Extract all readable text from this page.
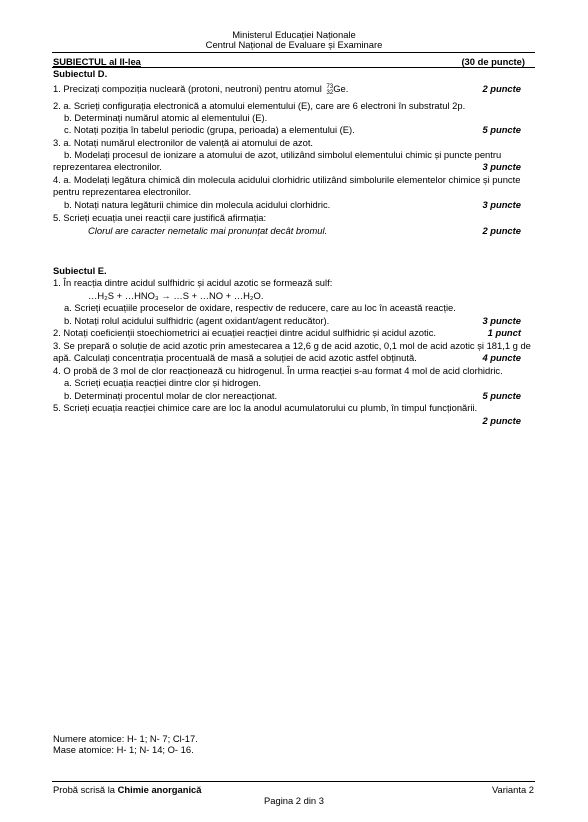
Ministerul Educației Naționale
Centrul Național de Evaluare și Examinare
SUBIECTUL al II-lea	(30 de puncte)
Subiectul D.
1. Precizați compoziția nucleară (protoni, neutroni) pentru atomul 73
32 Ge.	2 puncte
2. a. Scrieți configurația electronică a atomului elementului (E), care are 6 electroni în substratul 2p.
b. Determinați numărul atomic al elementului (E).
c. Notați poziția în tabelul periodic (grupa, perioada) a elementului (E).	5 puncte
3. a. Notați numărul electronilor de valență ai atomului de azot.
b. Modelați procesul de ionizare a atomului de azot, utilizând simbolul elementului chimic și puncte pentru
reprezentarea electronilor.	3 puncte
4. a. Modelați legătura chimică din molecula acidului clorhidric utilizând simbolurile elementelor chimice și puncte
pentru reprezentarea electronilor.
b. Notați natura legăturii chimice din molecula acidului clorhidric.	3 puncte
5. Scrieți ecuația unei reacții care justifică afirmația:
Clorul are caracter nemetalic mai pronunțat decât bromul.	2 puncte
Subiectul E.
1. În reacția dintre acidul sulfhidric și acidul azotic se formează sulf:
…H₂S + …HNO₃ → …S + …NO + …H₂O.
a. Scrieți ecuațiile proceselor de oxidare, respectiv de reducere, care au loc în această reacție.
b. Notați rolul acidului sulfhidric (agent oxidant/agent reducător).	3 puncte
2. Notați coeficienții stoechiometrici ai ecuației reacției dintre acidul sulfhidric și acidul azotic.	1 punct
3. Se prepară o soluție de acid azotic prin amestecarea a 12,6 g de acid azotic, 0,1 mol de acid azotic și 181,1 g de
apă. Calculați concentrația procentuală de masă a soluției de acid azotic astfel obținută.	4 puncte
4. O probă de 3 mol de clor reacționează cu hidrogenul. În urma reacției s-au format 4 mol de acid clorhidric.
a. Scrieți ecuația reacției dintre clor și hidrogen.
b. Determinați procentul molar de clor nereacționat.	5 puncte
5. Scrieți ecuația reacției chimice care are loc la anodul acumulatorului cu plumb, în timpul funcționării.
2 puncte
Numere atomice: H- 1; N- 7; Cl-17.
Mase atomice: H- 1; N- 14; O- 16.
Probă scrisă la Chimie anorganică	Varianta 2
Pagina 2 din 3
